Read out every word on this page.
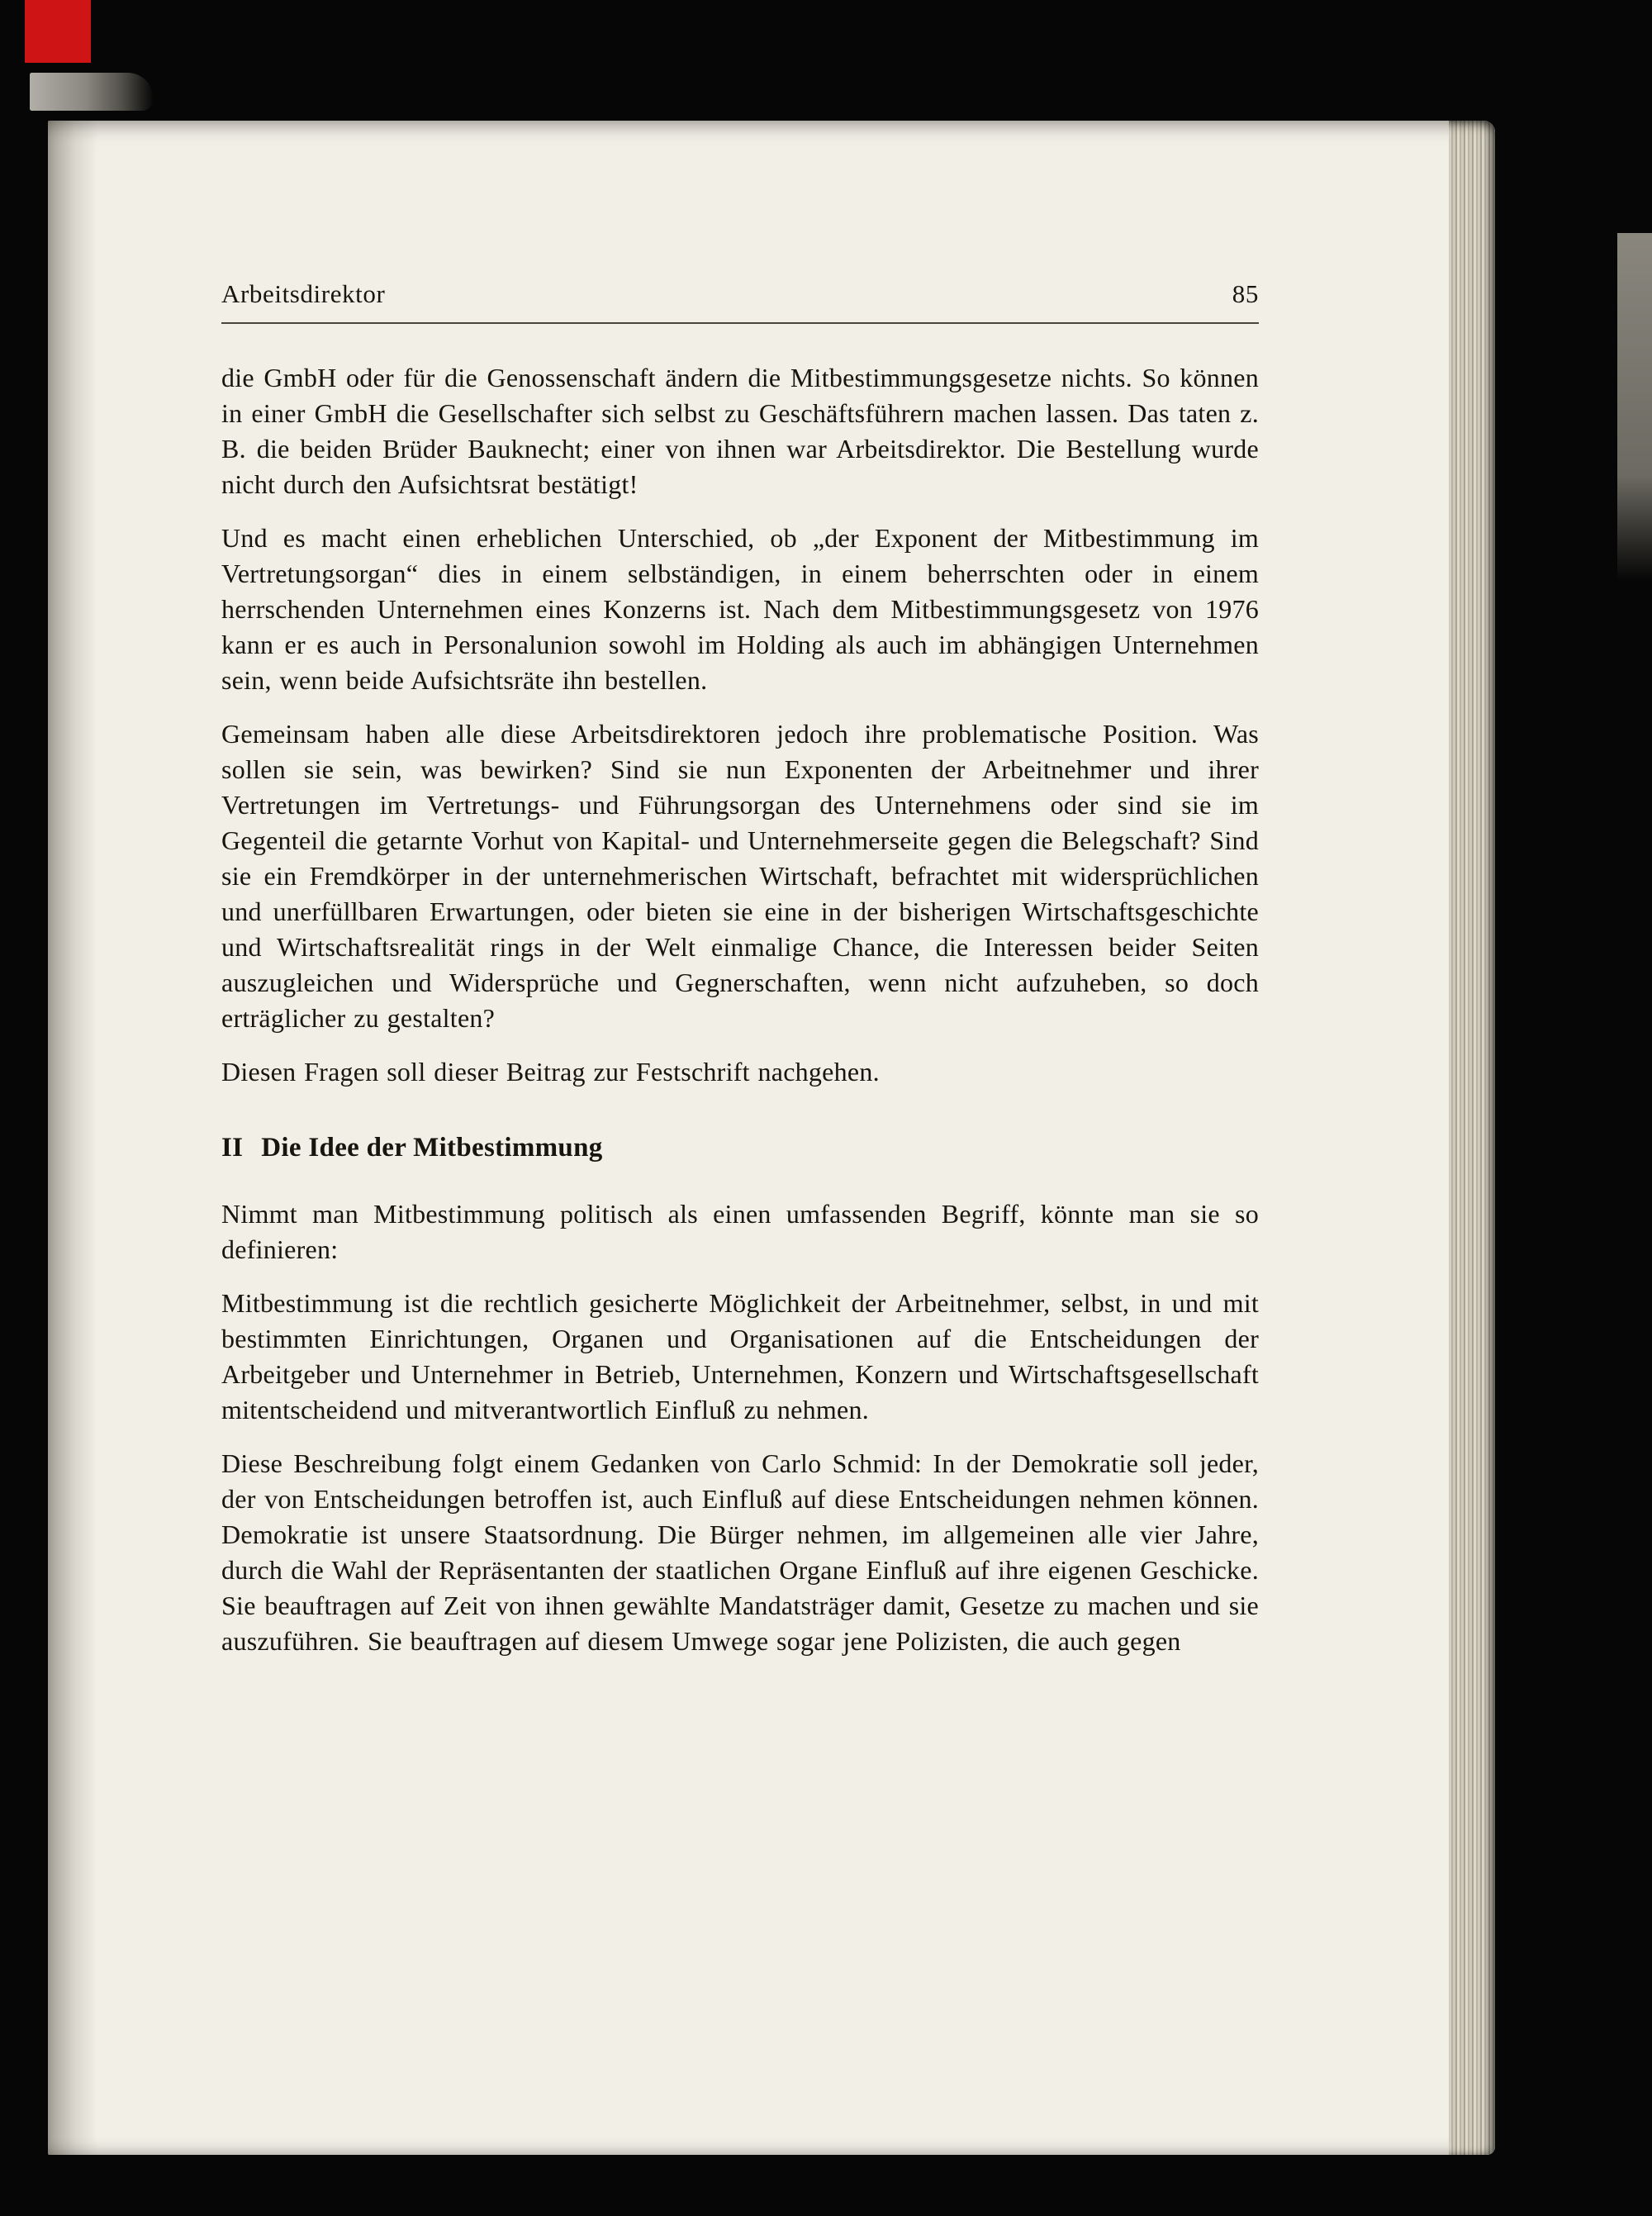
Arbeitsdirektor	85

die GmbH oder für die Genossenschaft ändern die Mitbestimmungsgesetze nichts. So können in einer GmbH die Gesellschafter sich selbst zu Geschäftsführern machen lassen. Das taten z. B. die beiden Brüder Bauknecht; einer von ihnen war Arbeitsdirektor. Die Bestellung wurde nicht durch den Aufsichtsrat bestätigt!

Und es macht einen erheblichen Unterschied, ob „der Exponent der Mitbestimmung im Vertretungsorgan“ dies in einem selbständigen, in einem beherrschten oder in einem herrschenden Unternehmen eines Konzerns ist. Nach dem Mitbestimmungsgesetz von 1976 kann er es auch in Personalunion sowohl im Holding als auch im abhängigen Unternehmen sein, wenn beide Aufsichtsräte ihn bestellen.

Gemeinsam haben alle diese Arbeitsdirektoren jedoch ihre problematische Position. Was sollen sie sein, was bewirken? Sind sie nun Exponenten der Arbeitnehmer und ihrer Vertretungen im Vertretungs- und Führungsorgan des Unternehmens oder sind sie im Gegenteil die getarnte Vorhut von Kapital- und Unternehmerseite gegen die Belegschaft? Sind sie ein Fremdkörper in der unternehmerischen Wirtschaft, befrachtet mit widersprüchlichen und unerfüllbaren Erwartungen, oder bieten sie eine in der bisherigen Wirtschaftsgeschichte und Wirtschaftsrealität rings in der Welt einmalige Chance, die Interessen beider Seiten auszugleichen und Widersprüche und Gegnerschaften, wenn nicht aufzuheben, so doch erträglicher zu gestalten?

Diesen Fragen soll dieser Beitrag zur Festschrift nachgehen.

II Die Idee der Mitbestimmung

Nimmt man Mitbestimmung politisch als einen umfassenden Begriff, könnte man sie so definieren:

Mitbestimmung ist die rechtlich gesicherte Möglichkeit der Arbeitnehmer, selbst, in und mit bestimmten Einrichtungen, Organen und Organisationen auf die Entscheidungen der Arbeitgeber und Unternehmer in Betrieb, Unternehmen, Konzern und Wirtschaftsgesellschaft mitentscheidend und mitverantwortlich Einfluß zu nehmen.

Diese Beschreibung folgt einem Gedanken von Carlo Schmid: In der Demokratie soll jeder, der von Entscheidungen betroffen ist, auch Einfluß auf diese Entscheidungen nehmen können. Demokratie ist unsere Staatsordnung. Die Bürger nehmen, im allgemeinen alle vier Jahre, durch die Wahl der Repräsentanten der staatlichen Organe Einfluß auf ihre eigenen Geschicke. Sie beauftragen auf Zeit von ihnen gewählte Mandatsträger damit, Gesetze zu machen und sie auszuführen. Sie beauftragen auf diesem Umwege sogar jene Polizisten, die auch gegen
